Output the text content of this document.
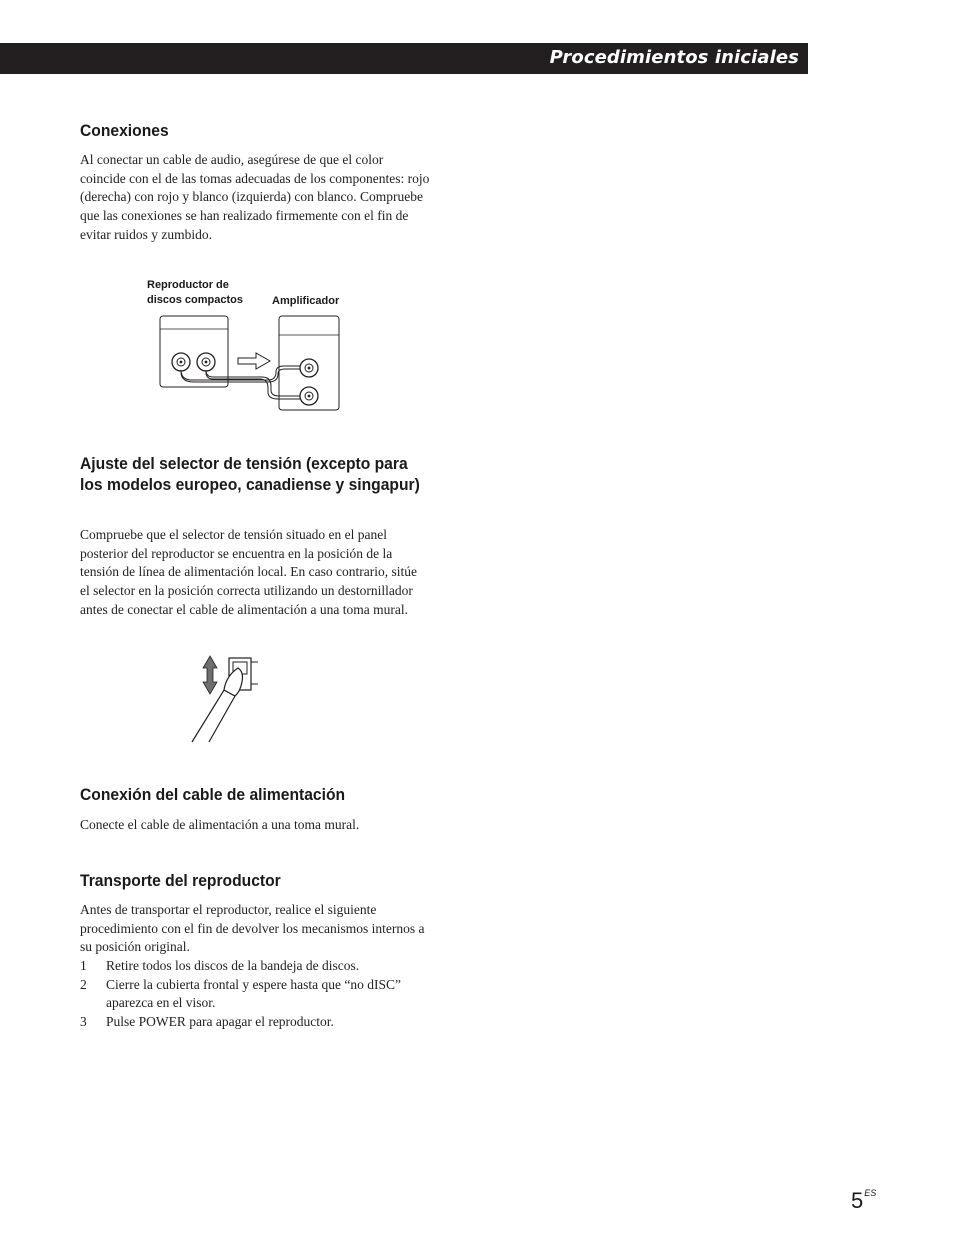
Procedimientos iniciales
Conexiones

Al conectar un cable de audio, asegúrese de que el color coincide con el de las tomas adecuadas de los componentes: rojo (derecha) con rojo y blanco (izquierda) con blanco. Compruebe que las conexiones se han realizado firmemente con el fin de evitar ruidos y zumbido.

Reproductor de discos compactos	Amplificador
Ajuste del selector de tensión (excepto para los modelos europeo, canadiense y singapur)

Compruebe que el selector de tensión situado en el panel posterior del reproductor se encuentra en la posición de la tensión de línea de alimentación local. En caso contrario, sitúe el selector en la posición correcta utilizando un destornillador antes de conectar el cable de alimentación a una toma mural.

Conexión del cable de alimentación

Conecte el cable de alimentación a una toma mural.

Transporte del reproductor

Antes de transportar el reproductor, realice el siguiente procedimiento con el fin de devolver los mecanismos internos a su posición original.

1 Retire todos los discos de la bandeja de discos.
2 Cierre la cubierta frontal y espere hasta que “no dISC” aparezca en el visor.
3 Pulse POWER para apagar el reproductor.
$5^{ES}$
